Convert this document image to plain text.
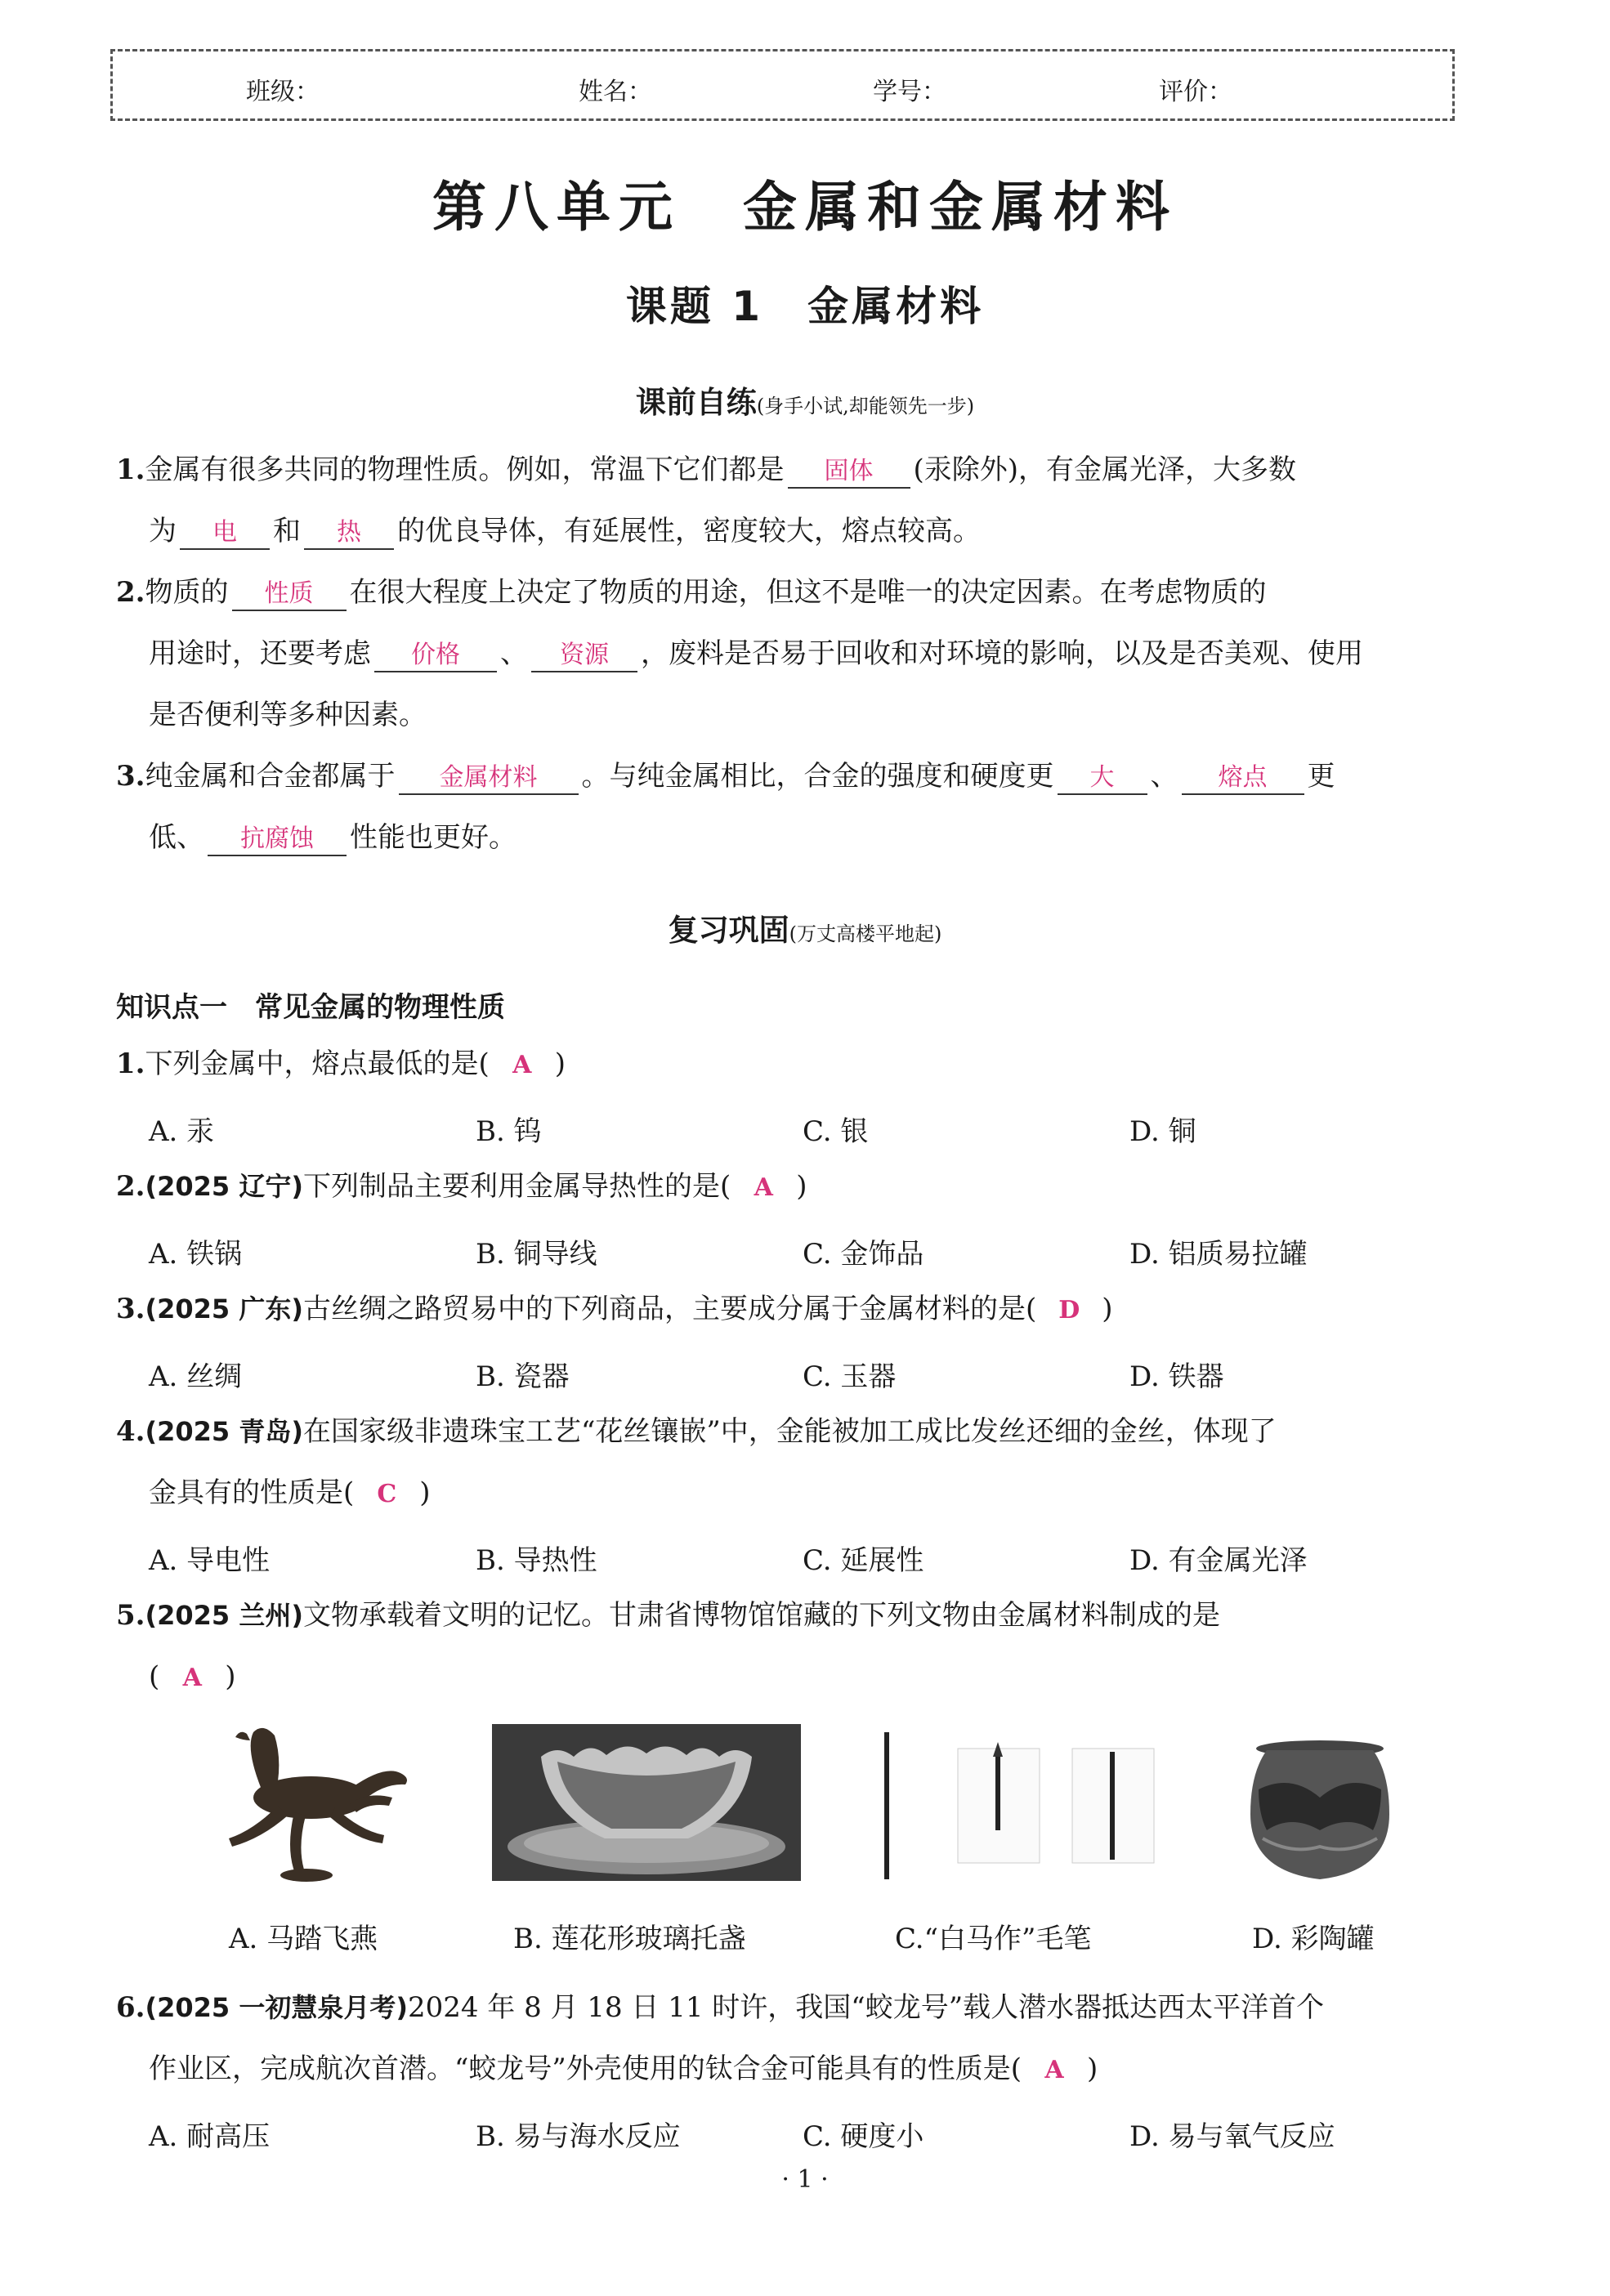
班级：	姓名：	学号：	评价：
第八单元　金属和金属材料
课题 1　金属材料
课前自练(身手小试,却能领先一步)
1.金属有很多共同的物理性质。例如，常温下它们都是 固体 (汞除外)，有金属光泽，大多数
为 电 和 热 的优良导体，有延展性，密度较大，熔点较高。
2.物质的 性质 在很大程度上决定了物质的用途，但这不是唯一的决定因素。在考虑物质的
用途时，还要考虑 价格 、 资源 ，废料是否易于回收和对环境的影响，以及是否美观、使用
是否便利等多种因素。
3.纯金属和合金都属于 金属材料 。与纯金属相比，合金的强度和硬度更 大 、 熔点 更
低、 抗腐蚀 性能也更好。
复习巩固(万丈高楼平地起)
知识点一　常见金属的物理性质
1.下列金属中，熔点最低的是( A )
A. 汞	B. 钨	C. 银	D. 铜
2.(2025 辽宁)下列制品主要利用金属导热性的是( A )
A. 铁锅	B. 铜导线	C. 金饰品	D. 铝质易拉罐
3.(2025 广东)古丝绸之路贸易中的下列商品，主要成分属于金属材料的是( D )
A. 丝绸	B. 瓷器	C. 玉器	D. 铁器
4.(2025 青岛)在国家级非遗珠宝工艺“花丝镶嵌”中，金能被加工成比发丝还细的金丝，体现了
金具有的性质是( C )
A. 导电性	B. 导热性	C. 延展性	D. 有金属光泽
5.(2025 兰州)文物承载着文明的记忆。甘肃省博物馆馆藏的下列文物由金属材料制成的是
( A )
A. 马踏飞燕	B. 莲花形玻璃托盏	C.“白马作”毛笔	D. 彩陶罐
6.(2025 一初慧泉月考)2024 年 8 月 18 日 11 时许，我国“蛟龙号”载人潜水器抵达西太平洋首个
作业区，完成航次首潜。“蛟龙号”外壳使用的钛合金可能具有的性质是( A )
A. 耐高压	B. 易与海水反应	C. 硬度小	D. 易与氧气反应
· 1 ·
